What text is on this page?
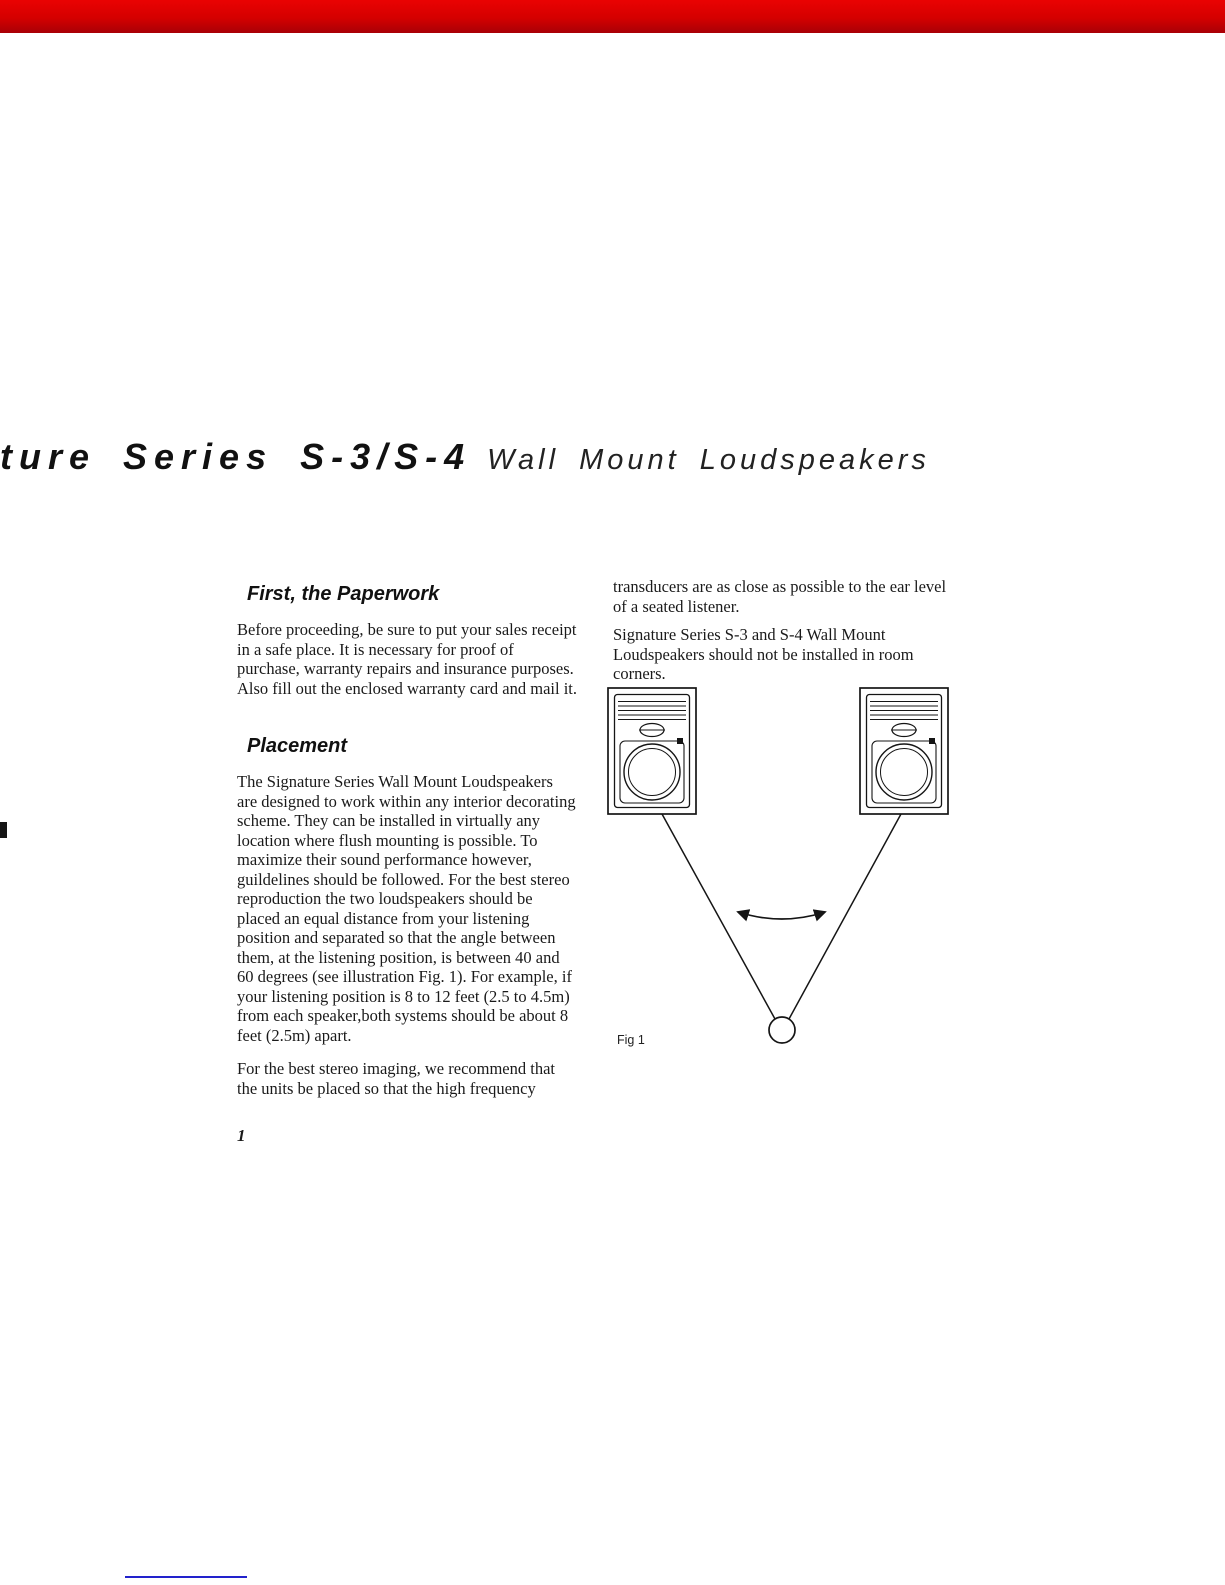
ture Series S-3/S-4 Wall Mount Loudspeakers
First, the Paperwork

Before proceeding, be sure to put your sales receipt in a safe place. It is necessary for proof of purchase, warranty repairs and insurance purposes. Also fill out the enclosed warranty card and mail it.

Placement

The Signature Series Wall Mount Loudspeakers are designed to work within any interior decorating scheme. They can be installed in virtually any location where flush mounting is possible. To maximize their sound performance however, guildelines should be followed. For the best stereo reproduction the two loudspeakers should be placed an equal distance from your listening position and separated so that the angle between them, at the listening position, is between 40 and 60 degrees (see illustration Fig. 1). For example, if your listening position is 8 to 12 feet (2.5 to 4.5m) from each speaker,both systems should be about 8 feet (2.5m) apart.

For the best stereo imaging, we recommend that the units be placed so that the high frequency

1

transducers are as close as possible to the ear level of a seated listener.

Signature Series S-3 and S-4 Wall Mount Loudspeakers should not be installed in room corners.

Fig 1
